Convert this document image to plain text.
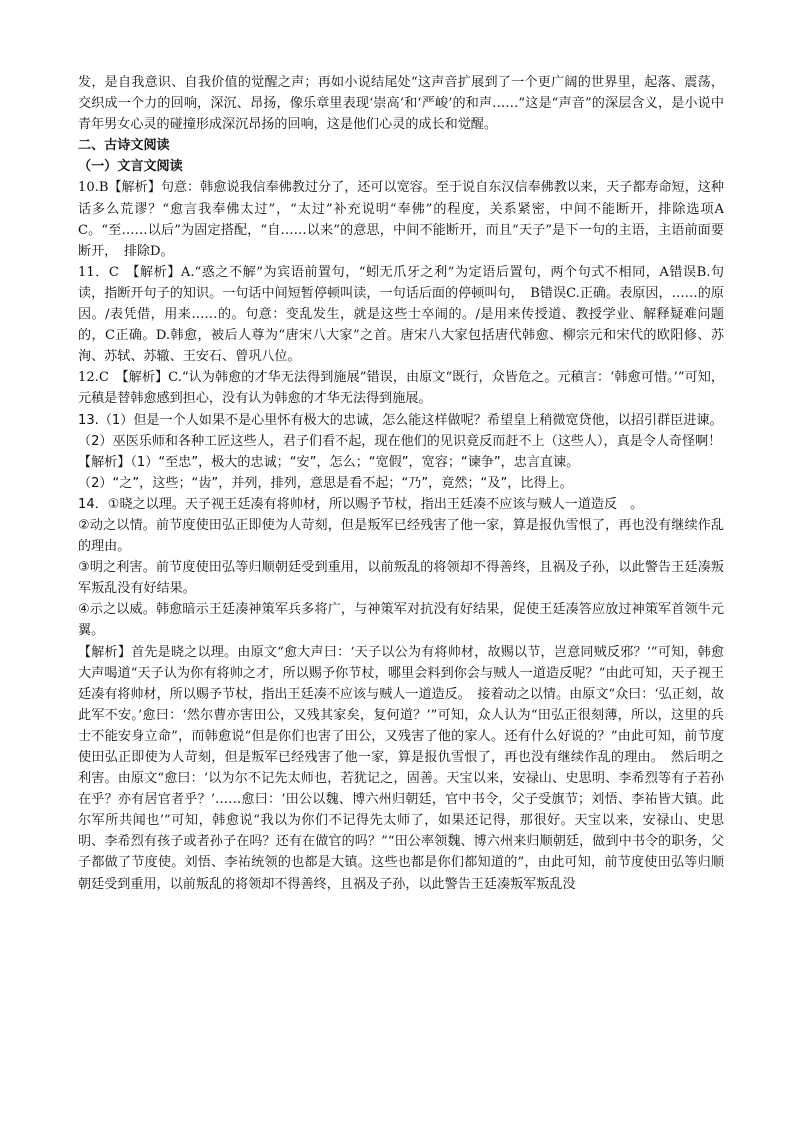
发，是自我意识、自我价值的觉醒之声；再如小说结尾处“这声音扩展到了一个更广阔的世界里，起落、震荡，交织成一个力的回响，深沉、昂扬，像乐章里表现‘崇高’和‘严峻’的和声……”这是“声音”的深层含义，是小说中青年男女心灵的碰撞形成深沉昂扬的回响，这是他们心灵的成长和觉醒。

二、古诗文阅读

（一）文言文阅读

10.B【解析】句意：韩愈说我信奉佛教过分了，还可以宽容。至于说自东汉信奉佛教以来，天子都寿命短，这种话多么荒谬？“愈言我奉佛太过”，“太过”补充说明“奉佛”的程度，关系紧密，中间不能断开，排除选项AC。“至……以后”为固定搭配，“自……以来”的意思，中间不能断开，而且“天子”是下一句的主语，主语前面要断开，　排除D。

11．C　【解析】A.“惑之不解”为宾语前置句，“蚓无爪牙之利”为定语后置句，两个句式不相同，A错误B.句读，指断开句子的知识。一句话中间短暂停顿叫读，一句话后面的停顿叫句，　B错误C.正确。表原因，……的原因。/表凭借，用来……的。句意：变乱发生，就是这些士卒闹的。/是用来传授道、教授学业、解释疑难问题的，C正确。D.韩愈，被后人尊为“唐宋八大家”之首。唐宋八大家包括唐代韩愈、柳宗元和宋代的欧阳修、苏洵、苏轼、苏辙、王安石、曾巩八位。

12.C　【解析】C.“认为韩愈的才华无法得到施展”错误，由原文“既行，众皆危之。元稹言：‘韩愈可惜。’”可知，元稹是替韩愈感到担心，没有认为韩愈的才华无法得到施展。

13.（1）但是一个人如果不是心里怀有极大的忠诚，怎么能这样做呢？希望皇上稍微宽贷他，以招引群臣进谏。

（2）巫医乐师和各种工匠这些人，君子们看不起，现在他们的见识竟反而赶不上（这些人），真是令人奇怪啊！

【解析】（1）“至忠”，极大的忠诚；“安”，怎么；“宽假”，宽容；“谏争”，忠言直谏。

（2）“之”，这些；“齿”，并列，排列，意思是看不起；“乃”，竟然；“及”，比得上。

14．①晓之以理。天子视王廷凑有将帅材，所以赐予节杖，指出王廷凑不应该与贼人一道造反　。

②动之以情。前节度使田弘正即使为人苛刻，但是叛军已经残害了他一家，算是报仇雪恨了，再也没有继续作乱的理由。

③明之利害。前节度使田弘等归顺朝廷受到重用，以前叛乱的将领却不得善终，且祸及子孙，以此警告王廷凑叛军叛乱没有好结果。

④示之以威。韩愈暗示王廷凑神策军兵多将广，与神策军对抗没有好结果，促使王廷凑答应放过神策军首领牛元翼。

【解析】首先是晓之以理。由原文“愈大声曰：‘天子以公为有将帅材，故赐以节，岂意同贼反邪？’”可知，韩愈大声喝道“天子认为你有将帅之才，所以赐予你节杖，哪里会料到你会与贼人一道造反呢？”由此可知，天子视王廷凑有将帅材，所以赐予节杖，指出王廷凑不应该与贼人一道造反。　接着动之以情。由原文“众曰：‘弘正刻，故此军不安。’愈曰：‘然尔曹亦害田公，又残其家矣，复何道？’”可知，众人认为“田弘正很刻薄，所以，这里的兵士不能安身立命”，而韩愈说“但是你们也害了田公，又残害了他的家人。还有什么好说的？”由此可知，前节度使田弘正即使为人苛刻，但是叛军已经残害了他一家，算是报仇雪恨了，再也没有继续作乱的理由。　然后明之利害。由原文“愈曰：‘以为尔不记先太师也，若犹记之，固善。天宝以来，安禄山、史思明、李希烈等有子若孙在乎？亦有居官者乎？’……愈曰：‘田公以魏、博六州归朝廷，官中书令，父子受旗节；刘悟、李祐皆大镇。此尔军所共闻也’”可知，韩愈说“我以为你们不记得先太师了，如果还记得，那很好。天宝以来，安禄山、史思明、李希烈有孩子或者孙子在吗？还有在做官的吗？”“田公率领魏、博六州来归顺朝廷，做到中书令的职务，父子都做了节度使。刘悟、李祐统领的也都是大镇。这些也都是你们都知道的”，由此可知，前节度使田弘等归顺朝廷受到重用，以前叛乱的将领却不得善终，且祸及子孙，以此警告王廷凑叛军叛乱没
